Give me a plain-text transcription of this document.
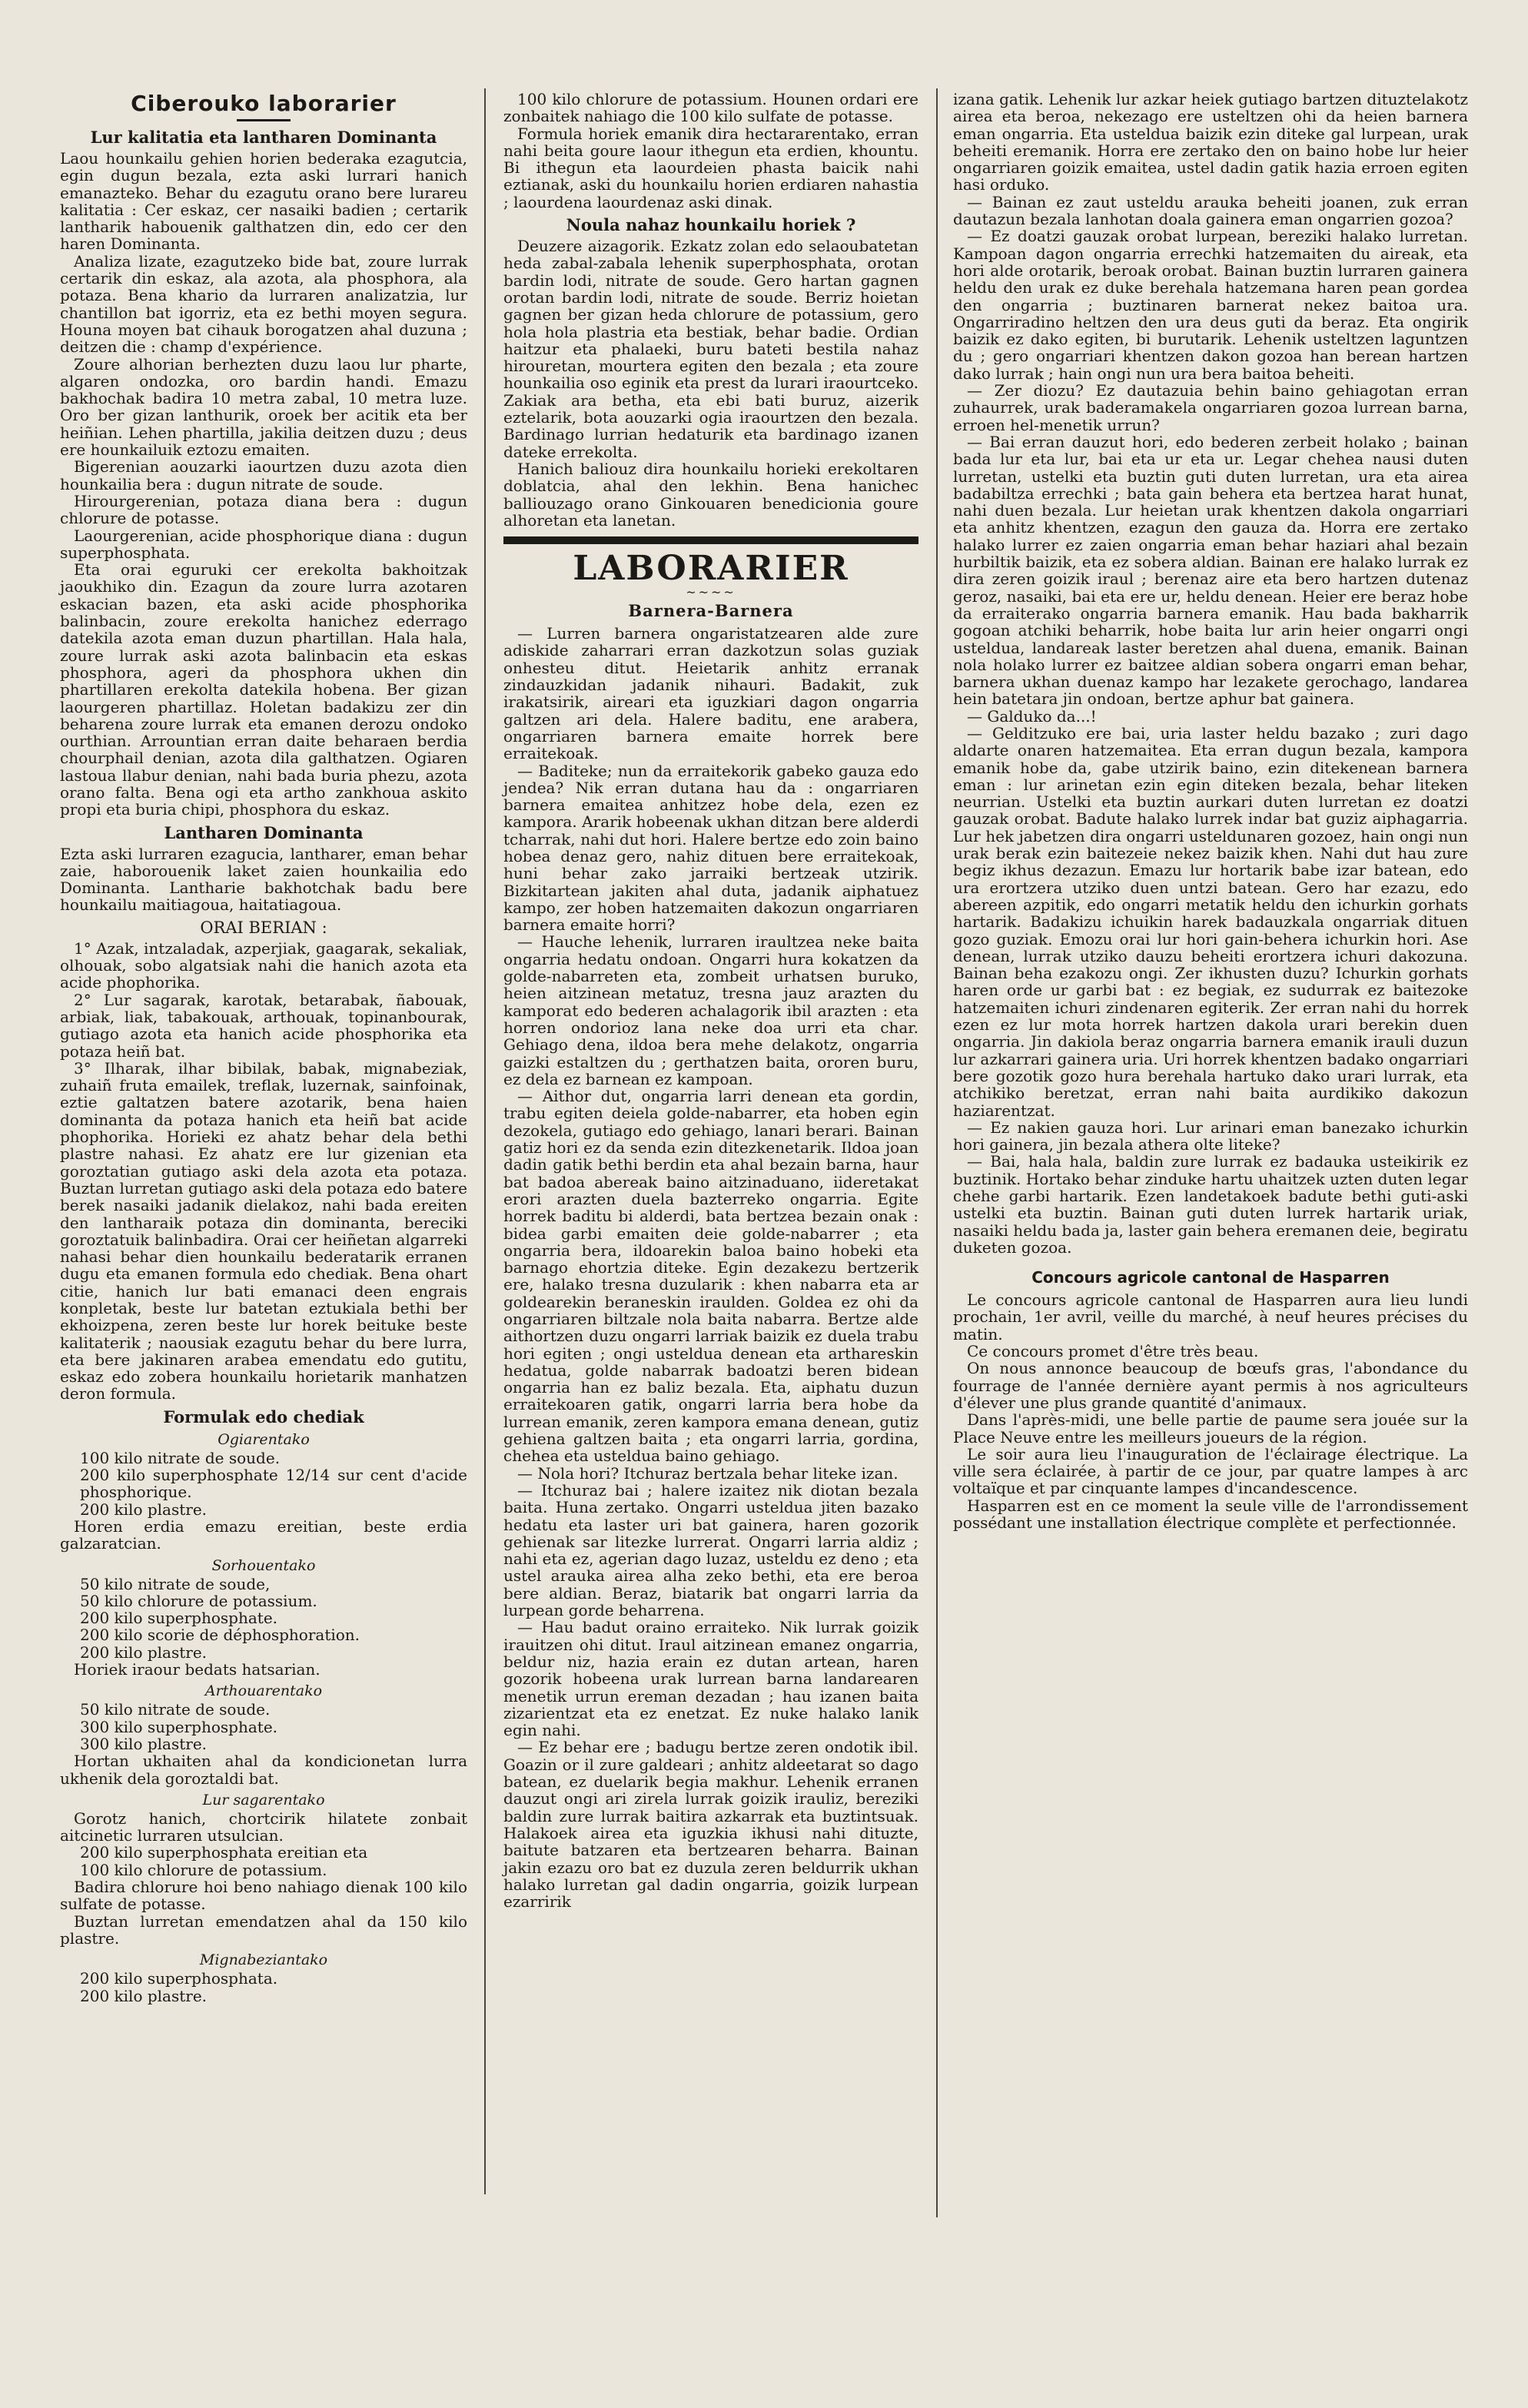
Ciberouko laborarier
Lur kalitatia eta lantharen Dominanta

Laou hounkailu gehien horien bederaka ezagutcia, egin dugun bezala, ezta aski lurrari hanich emanazteko. Behar du ezagutu orano bere lurareu kalitatia : Cer eskaz, cer nasaiki badien ; certarik lantharik habouenik galthatzen din, edo cer den haren Dominanta.

Analiza lizate, ezagutzeko bide bat, zoure lurrak certarik din eskaz, ala azota, ala phosphora, ala potaza. Bena khario da lurraren analizatzia, lur chantillon bat igorriz, eta ez bethi moyen segura. Houna moyen bat cihauk borogatzen ahal duzuna ; deitzen die : champ d'expérience.

Zoure alhorian berhezten duzu laou lur pharte, algaren ondozka, oro bardin handi. Emazu bakhochak badira 10 metra zabal, 10 metra luze. Oro ber gizan lanthurik, oroek ber acitik eta ber heiñian. Lehen phartilla, jakilia deitzen duzu ; deus ere hounkailuik eztozu emaiten.

Bigerenian aouzarki iaourtzen duzu azota dien hounkailia bera : dugun nitrate de soude.

Hirourgerenian, potaza diana bera : dugun chlorure de potasse.

Laourgerenian, acide phosphorique diana : dugun superphosphata.

Eta orai eguruki cer erekolta bakhoitzak jaoukhiko din. Ezagun da zoure lurra azotaren eskacian bazen, eta aski acide phosphorika balinbacin, zoure erekolta hanichez ederrago datekila azota eman duzun phartillan. Hala hala, zoure lurrak aski azota balinbacin eta eskas phosphora, ageri da phosphora ukhen din phartillaren erekolta datekila hobena. Ber gizan laourgeren phartillaz. Holetan badakizu zer din beharena zoure lurrak eta emanen derozu ondoko ourthian. Arrountian erran daite beharaen berdia chourphail denian, azota dila galthatzen. Ogiaren lastoua llabur denian, nahi bada buria phezu, azota orano falta. Bena ogi eta artho zankhoua askito propi eta buria chipi, phosphora du eskaz.

Lantharen Dominanta

Ezta aski lurraren ezagucia, lantharer, eman behar zaie, haborouenik laket zaien hounkailia edo Dominanta. Lantharie bakhotchak badu bere hounkailu maitiagoua, haitatiagoua.

ORAI BERIAN :

1° Azak, intzaladak, azperjiak, gaagarak, sekaliak, olhouak, sobo algatsiak nahi die hanich azota eta acide phophorika.

2° Lur sagarak, karotak, betarabak, ñabouak, arbiak, liak, tabakouak, arthouak, topinanbourak, gutiago azota eta hanich acide phosphorika eta potaza heiñ bat.

3° Ilharak, ilhar bibilak, babak, mignabeziak, zuhaiñ fruta emailek, treflak, luzernak, sainfoinak, eztie galtatzen batere azotarik, bena haien dominanta da potaza hanich eta heiñ bat acide phophorika. Horieki ez ahatz behar dela bethi plastre nahasi. Ez ahatz ere lur gizenian eta goroztatian gutiago aski dela azota eta potaza. Buztan lurretan gutiago aski dela potaza edo batere berek nasaiki jadanik dielakoz, nahi bada ereiten den lantharaik potaza din dominanta, bereciki goroztatuik balinbadira. Orai cer heiñetan algarreki nahasi behar dien hounkailu bederatarik erranen dugu eta emanen formula edo chediak. Bena ohart citie, hanich lur bati emanaci deen engrais konpletak, beste lur batetan eztukiala bethi ber ekhoizpena, zeren beste lur horek beituke beste kalitaterik ; naousiak ezagutu behar du bere lurra, eta bere jakinaren arabea emendatu edo gutitu, eskaz edo zobera hounkailu horietarik manhatzen deron formula.

Formulak edo chediak
Ogiarentako

100 kilo nitrate de soude.

200 kilo superphosphate 12/14 sur cent d'acide phosphorique.

200 kilo plastre.

Horen erdia emazu ereitian, beste erdia galzaratcian.

Sorhouentako

50 kilo nitrate de soude,

50 kilo chlorure de potassium.

200 kilo superphosphate.

200 kilo scorie de déphosphoration.

200 kilo plastre.

Horiek iraour bedats hatsarian.

Arthouarentako

50 kilo nitrate de soude.

300 kilo superphosphate.

300 kilo plastre.

Hortan ukhaiten ahal da kondicionetan lurra ukhenik dela goroztaldi bat.

Lur sagarentako

Gorotz hanich, chortcirik hilatete zonbait aitcinetic lurraren utsulcian.

200 kilo superphosphata ereitian eta

100 kilo chlorure de potassium.

Badira chlorure hoi beno nahiago dienak 100 kilo sulfate de potasse.

Buztan lurretan emendatzen ahal da 150 kilo plastre.

Mignabeziantako

200 kilo superphosphata.

200 kilo plastre.

100 kilo chlorure de potassium. Hounen ordari ere zonbaitek nahiago die 100 kilo sulfate de potasse.

Formula horiek emanik dira hectararentako, erran nahi beita goure laour ithegun eta erdien, khountu. Bi ithegun eta laourdeien phasta baicik nahi eztianak, aski du hounkailu horien erdiaren nahastia ; laourdena laourdenaz aski dinak.

Noula nahaz hounkailu horiek ?

Deuzere aizagorik. Ezkatz zolan edo selaoubatetan heda zabal-zabala lehenik superphosphata, orotan bardin lodi, nitrate de soude. Gero hartan gagnen orotan bardin lodi, nitrate de soude. Berriz hoietan gagnen ber gizan heda chlorure de potassium, gero hola hola plastria eta bestiak, behar badie. Ordian haitzur eta phalaeki, buru bateti bestila nahaz hirouretan, mourtera egiten den bezala ; eta zoure hounkailia oso eginik eta prest da lurari iraourtceko. Zakiak ara betha, eta ebi bati buruz, aizerik eztelarik, bota aouzarki ogia iraourtzen den bezala. Bardinago lurrian hedaturik eta bardinago izanen dateke errekolta.

Hanich baliouz dira hounkailu horieki erekoltaren doblatcia, ahal den lekhin. Bena hanichec balliouzago orano Ginkouaren benedicionia goure alhoretan eta lanetan.

LABORARIER
~~~~
Barnera-Barnera

— Lurren barnera ongaristatzearen alde zure adiskide zaharrari erran dazkotzun solas guziak onhesteu ditut. Heietarik anhitz erranak zindauzkidan jadanik nihauri. Badakit, zuk irakatsirik, aireari eta iguzkiari dagon ongarria galtzen ari dela. Halere baditu, ene arabera, ongarriaren barnera emaite horrek bere erraitekoak.

— Baditeke; nun da erraitekorik gabeko gauza edo jendea? Nik erran dutana hau da : ongarriaren barnera emaitea anhitzez hobe dela, ezen ez kampora. Ararik hobeenak ukhan ditzan bere alderdi tcharrak, nahi dut hori. Halere bertze edo zoin baino hobea denaz gero, nahiz dituen bere erraitekoak, huni behar zako jarraiki bertzeak utzirik. Bizkitartean jakiten ahal duta, jadanik aiphatuez kampo, zer hoben hatzemaiten dakozun ongarriaren barnera emaite horri?

— Hauche lehenik, lurraren iraultzea neke baita ongarria hedatu ondoan. Ongarri hura kokatzen da golde-nabarreten eta, zombeit urhatsen buruko, heien aitzinean metatuz, tresna jauz arazten du kamporat edo bederen achalagorik ibil arazten : eta horren ondorioz lana neke doa urri eta char. Gehiago dena, ildoa bera mehe delakotz, ongarria gaizki estaltzen du ; gerthatzen baita, ororen buru, ez dela ez barnean ez kampoan.

— Aithor dut, ongarria larri denean eta gordin, trabu egiten deiela golde-nabarrer, eta hoben egin dezokela, gutiago edo gehiago, lanari berari. Bainan gatiz hori ez da senda ezin ditezkenetarik. Ildoa joan dadin gatik bethi berdin eta ahal bezain barna, haur bat badoa abereak baino aitzinaduano, iideretakat erori arazten duela bazterreko ongarria. Egite horrek baditu bi alderdi, bata bertzea bezain onak : bidea garbi emaiten deie golde-nabarrer ; eta ongarria bera, ildoarekin baloa baino hobeki eta barnago ehortzia diteke. Egin dezakezu bertzerik ere, halako tresna duzularik : khen nabarra eta ar goldearekin beraneskin iraulden. Goldea ez ohi da ongarriaren biltzale nola baita nabarra. Bertze alde aithortzen duzu ongarri larriak baizik ez duela trabu hori egiten ; ongi usteldua denean eta arthareskin hedatua, golde nabarrak badoatzi beren bidean ongarria han ez baliz bezala. Eta, aiphatu duzun erraitekoaren gatik, ongarri larria bera hobe da lurrean emanik, zeren kampora emana denean, gutiz gehiena galtzen baita ; eta ongarri larria, gordina, chehea eta usteldua baino gehiago.

— Nola hori? Itchuraz bertzala behar liteke izan.

— Itchuraz bai ; halere izaitez nik diotan bezala baita. Huna zertako. Ongarri usteldua jiten bazako hedatu eta laster uri bat gainera, haren gozorik gehienak sar litezke lurrerat. Ongarri larria aldiz ; nahi eta ez, agerian dago luzaz, usteldu ez deno ; eta ustel arauka airea alha zeko bethi, eta ere beroa bere aldian. Beraz, biatarik bat ongarri larria da lurpean gorde beharrena.

— Hau badut oraino erraiteko. Nik lurrak goizik irauitzen ohi ditut. Iraul aitzinean emanez ongarria, beldur niz, hazia erain ez dutan artean, haren gozorik hobeena urak lurrean barna landarearen menetik urrun ereman dezadan ; hau izanen baita zizarientzat eta ez enetzat. Ez nuke halako lanik egin nahi.

— Ez behar ere ; badugu bertze zeren ondotik ibil. Goazin or il zure galdeari ; anhitz aldeetarat so dago batean, ez duelarik begia makhur. Lehenik erranen dauzut ongi ari zirela lurrak goizik irauliz, bereziki baldin zure lurrak baitira azkarrak eta buztintsuak. Halakoek airea eta iguzkia ikhusi nahi dituzte, baitute batzaren eta bertzearen beharra. Bainan jakin ezazu oro bat ez duzula zeren beldurrik ukhan halako lurretan gal dadin ongarria, goizik lurpean ezarririk

izana gatik. Lehenik lur azkar heiek gutiago bartzen dituztelakotz airea eta beroa, nekezago ere usteltzen ohi da heien barnera eman ongarria. Eta usteldua baizik ezin diteke gal lurpean, urak beheiti eremanik. Horra ere zertako den on baino hobe lur heier ongarriaren goizik emaitea, ustel dadin gatik hazia erroen egiten hasi orduko.

— Bainan ez zaut usteldu arauka beheiti joanen, zuk erran dautazun bezala lanhotan doala gainera eman ongarrien gozoa?

— Ez doatzi gauzak orobat lurpean, bereziki halako lurretan. Kampoan dagon ongarria errechki hatzemaiten du aireak, eta hori alde orotarik, beroak orobat. Bainan buztin lurraren gainera heldu den urak ez duke berehala hatzemana haren pean gordea den ongarria ; buztinaren barnerat nekez baitoa ura. Ongarriradino heltzen den ura deus guti da beraz. Eta ongirik baizik ez dako egiten, bi burutarik. Lehenik usteltzen laguntzen du ; gero ongarriari khentzen dakon gozoa han berean hartzen dako lurrak ; hain ongi nun ura bera baitoa beheiti.

— Zer diozu? Ez dautazuia behin baino gehiagotan erran zuhaurrek, urak baderamakela ongarriaren gozoa lurrean barna, erroen hel-menetik urrun?

— Bai erran dauzut hori, edo bederen zerbeit holako ; bainan bada lur eta lur, bai eta ur eta ur. Legar chehea nausi duten lurretan, ustelki eta buztin guti duten lurretan, ura eta airea badabiltza errechki ; bata gain behera eta bertzea harat hunat, nahi duen bezala. Lur heietan urak khentzen dakola ongarriari eta anhitz khentzen, ezagun den gauza da. Horra ere zertako halako lurrer ez zaien ongarria eman behar haziari ahal bezain hurbiltik baizik, eta ez sobera aldian. Bainan ere halako lurrak ez dira zeren goizik iraul ; berenaz aire eta bero hartzen dutenaz geroz, nasaiki, bai eta ere ur, heldu denean. Heier ere beraz hobe da erraiterako ongarria barnera emanik. Hau bada bakharrik gogoan atchiki beharrik, hobe baita lur arin heier ongarri ongi ustelduа, landareak laster beretzen ahal duena, emanik. Bainan nola holako lurrer ez baitzee aldian sobera ongarri eman behar, barnera ukhan duenaz kampo har lezakete gerochago, landarea hein batetara jin ondoan, bertze aphur bat gainera.

— Galduko da...!

— Gelditzuko ere bai, uria laster heldu bazako ; zuri dago aldarte onaren hatzemaitea. Eta erran dugun bezala, kampora emanik hobe da, gabe utzirik baino, ezin ditekenean barnera eman : lur arinetan ezin egin diteken bezala, behar liteken neurrian. Ustelki eta buztin aurkari duten lurretan ez doatzi gauzak orobat. Badute halako lurrek indar bat guziz aiphagarria. Lur hek jabetzen dira ongarri usteldunaren gozoez, hain ongi nun urak berak ezin baitezeie nekez baizik khen. Nahi dut hau zure begiz ikhus dezazun. Emazu lur hortarik babe izar batean, edo ura erortzera utziko duen untzi batean. Gero har ezazu, edo abereen azpitik, edo ongarri metatik heldu den ichurkin gorhats hartarik. Badakizu ichuikin harek badauzkala ongarriak dituen gozo guziak. Emozu orai lur hori gain-behera ichurkin hori. Ase denean, lurrak utziko dauzu beheiti erortzera ichuri dakozuna. Bainan beha ezakozu ongi. Zer ikhusten duzu? Ichurkin gorhats haren orde ur garbi bat : ez begiak, ez sudurrak ez baitezoke hatzemaiten ichuri zindenaren egiterik. Zer erran nahi du horrek ezen ez lur mota horrek hartzen dakola urari berekin duen ongarria. Jin dakiola beraz ongarria barnera emanik irauli duzun lur azkarrari gainera uria. Uri horrek khentzen badako ongarriari bere gozotik gozo hura berehala hartuko dako urari lurrak, eta atchikiko beretzat, erran nahi baita aurdikiko dakozun haziarentzat.

— Ez nakien gauza hori. Lur arinari eman banezako ichurkin hori gainera, jin bezala athera olte liteke?

— Bai, hala hala, baldin zure lurrak ez badauka usteikirik ez buztinik. Hortako behar zinduke hartu uhaitzek uzten duten legar chehe garbi hartarik. Ezen landetakoek badute bethi guti-aski ustelki eta buztin. Bainan guti duten lurrek hartarik uriak, nasaiki heldu bada ja, laster gain behera eremanen deie, begiratu duketen gozoa.

Concours agricole cantonal de Hasparren

Le concours agricole cantonal de Hasparren aura lieu lundi prochain, 1er avril, veille du marché, à neuf heures précises du matin.

Ce concours promet d'être très beau.

On nous annonce beaucoup de bœufs gras, l'abondance du fourrage de l'année dernière ayant permis à nos agriculteurs d'élever une plus grande quantité d'animaux.

Dans l'après-midi, une belle partie de paume sera jouée sur la Place Neuve entre les meilleurs joueurs de la région.

Le soir aura lieu l'inauguration de l'éclairage électrique. La ville sera éclairée, à partir de ce jour, par quatre lampes à arc voltaïque et par cinquante lampes d'incandescence.

Hasparren est en ce moment la seule ville de l'arrondissement possédant une installation électrique complète et perfectionnée.
